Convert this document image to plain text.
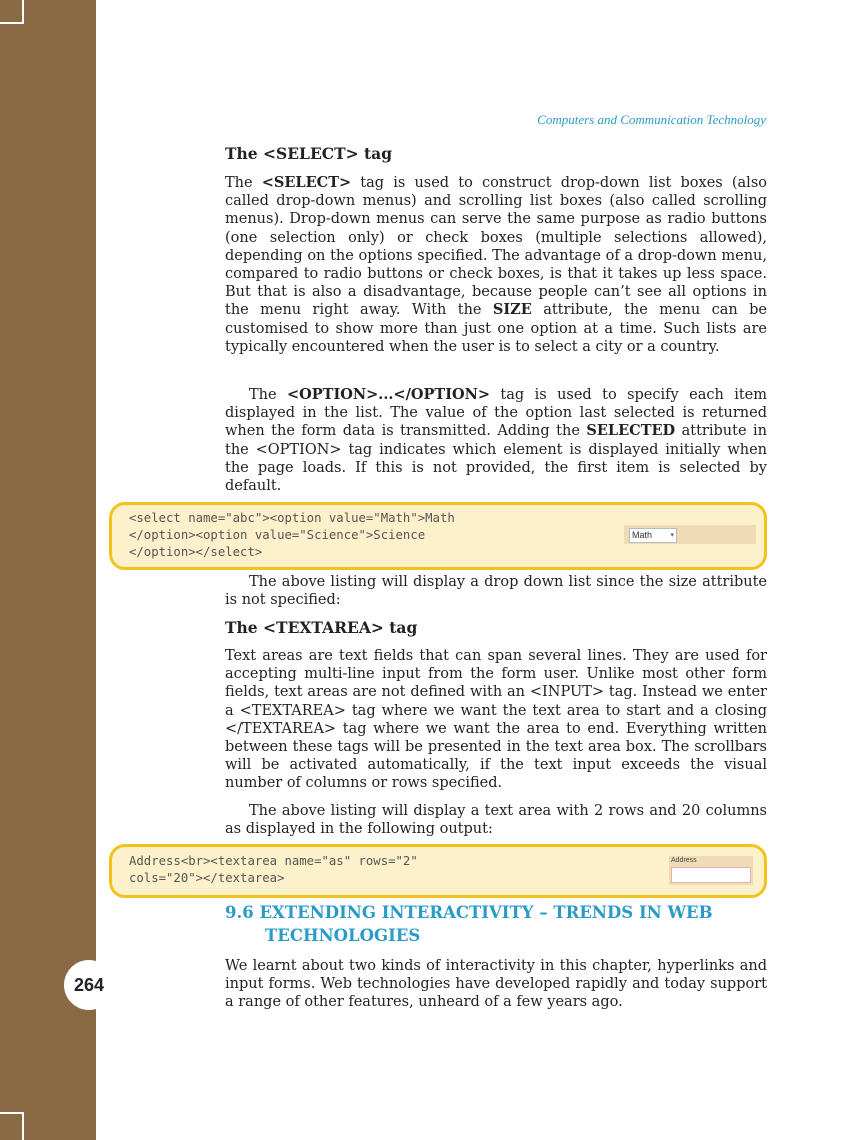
264
Computers and Communication Technology
The <SELECT> tag

The <SELECT> tag is used to construct drop-down list boxes (also called drop-down menus) and scrolling list boxes (also called scrolling menus). Drop-down menus can serve the same purpose as radio buttons (one selection only) or check boxes (multiple selections allowed), depending on the options specified. The advantage of a drop-down menu, compared to radio buttons or check boxes, is that it takes up less space. But that is also a disadvantage, because people can’t see all options in the menu right away. With the SIZE attribute, the menu can be customised to show more than just one option at a time. Such lists are typically encountered when the user is to select a city or a country.

The <OPTION>...</OPTION> tag is used to specify each item displayed in the list. The value of the option last selected is returned when the form data is transmitted. Adding the SELECTED attribute in the <OPTION> tag indicates which element is displayed initially when the page loads. If this is not provided, the first item is selected by default.

<select name="abc"><option value="Math">Math
</option><option value="Science">Science
</option></select>
Math	▾

The above listing will display a drop down list since the size attribute is not specified:

The <TEXTAREA> tag

Text areas are text fields that can span several lines. They are used for accepting multi-line input from the form user. Unlike most other form fields, text areas are not defined with an <INPUT> tag. Instead we enter a <TEXTAREA> tag where we want the text area to start and a closing </TEXTAREA> tag where we want the area to end. Everything written between these tags will be presented in the text area box. The scrollbars will be activated automatically, if the text input exceeds the visual number of columns or rows specified.

The above listing will display a text area with 2 rows and 20 columns as displayed in the following output:

Address<br><textarea name="as" rows="2"
cols="20"></textarea>
Address
9.6 EXTENDING INTERACTIVITY – TRENDS IN WEB
TECHNOLOGIES

We learnt about two kinds of interactivity in this chapter, hyperlinks and input forms. Web technologies have developed rapidly and today support a range of other features, unheard of a few years ago.
